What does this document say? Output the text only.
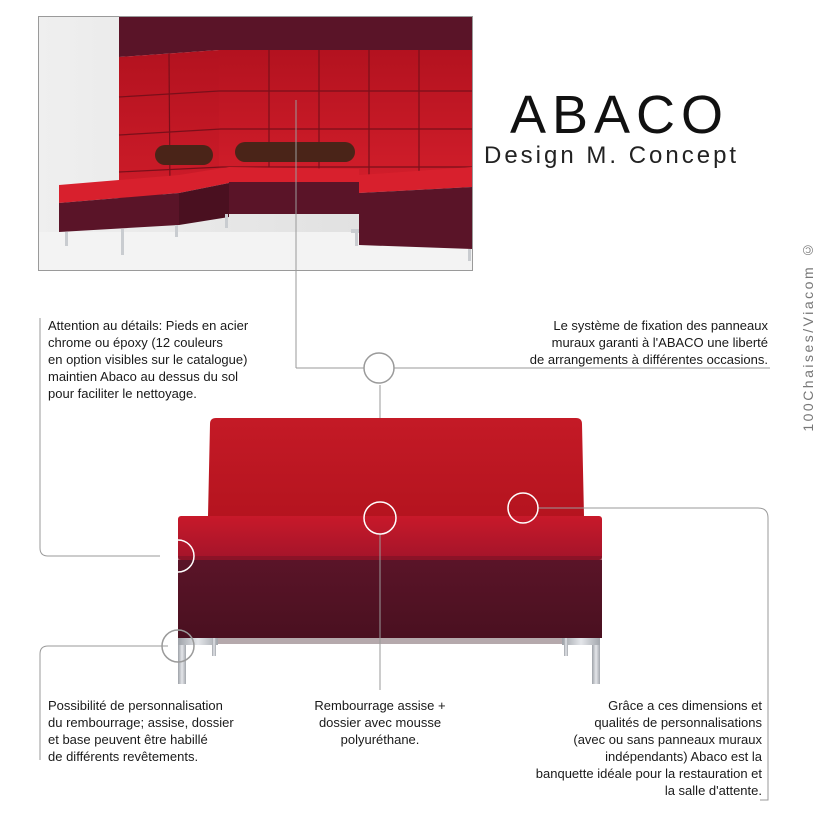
ABACO
Design M. Concept
100Chaises/Viacom ©
Attention au détails: Pieds en acier
chrome ou époxy (12 couleurs
en option visibles sur le catalogue)
maintien Abaco au dessus du sol
pour faciliter le nettoyage.
Le système de fixation des panneaux
muraux garanti à l'ABACO une liberté
de arrangements à différentes occasions.
Possibilité de personnalisation
du rembourrage; assise, dossier
et base peuvent être habillé
de différents revêtements.
Rembourrage assise +
dossier avec mousse
polyuréthane.
Grâce a ces dimensions et
qualités de personnalisations
(avec ou sans panneaux muraux
indépendants) Abaco est la
banquette idéale pour la restauration et
la salle d'attente.
